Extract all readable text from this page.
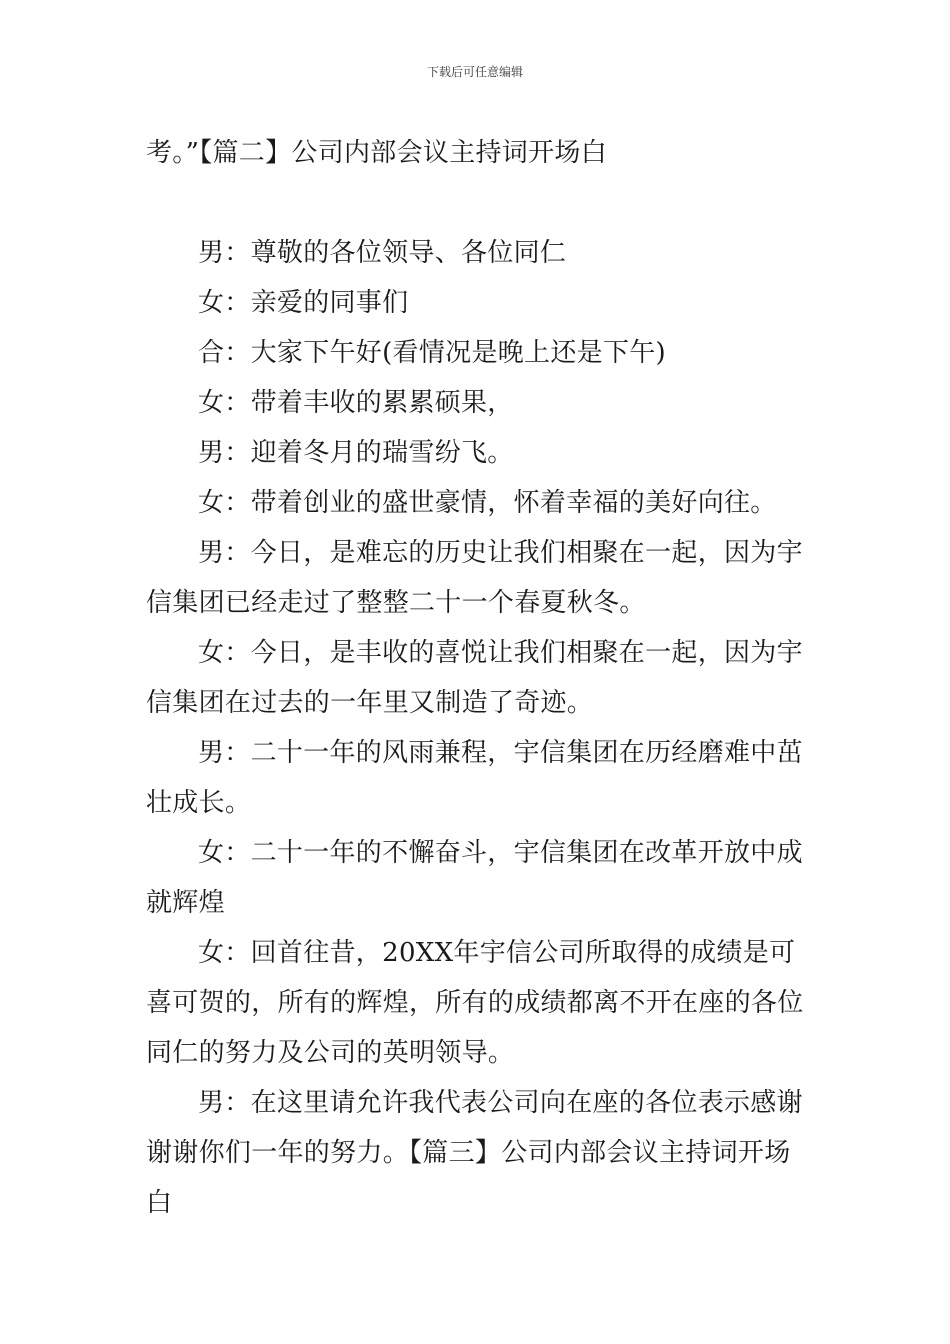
下载后可任意编辑

考。”【篇二】公司内部会议主持词开场白

男：尊敬的各位领导、各位同仁

女：亲爱的同事们

合：大家下午好(看情况是晚上还是下午)

女：带着丰收的累累硕果，

男：迎着冬月的瑞雪纷飞。

女：带着创业的盛世豪情，怀着幸福的美好向往。

男：今日，是难忘的历史让我们相聚在一起，因为宇信集团已经走过了整整二十一个春夏秋冬。

女：今日，是丰收的喜悦让我们相聚在一起，因为宇信集团在过去的一年里又制造了奇迹。

男：二十一年的风雨兼程，宇信集团在历经磨难中茁壮成长。

女：二十一年的不懈奋斗，宇信集团在改革开放中成就辉煌

女：回首往昔，20XX年宇信公司所取得的成绩是可喜可贺的，所有的辉煌，所有的成绩都离不开在座的各位同仁的努力及公司的英明领导。

男：在这里请允许我代表公司向在座的各位表示感谢谢谢你们一年的努力。【篇三】公司内部会议主持词开场白
